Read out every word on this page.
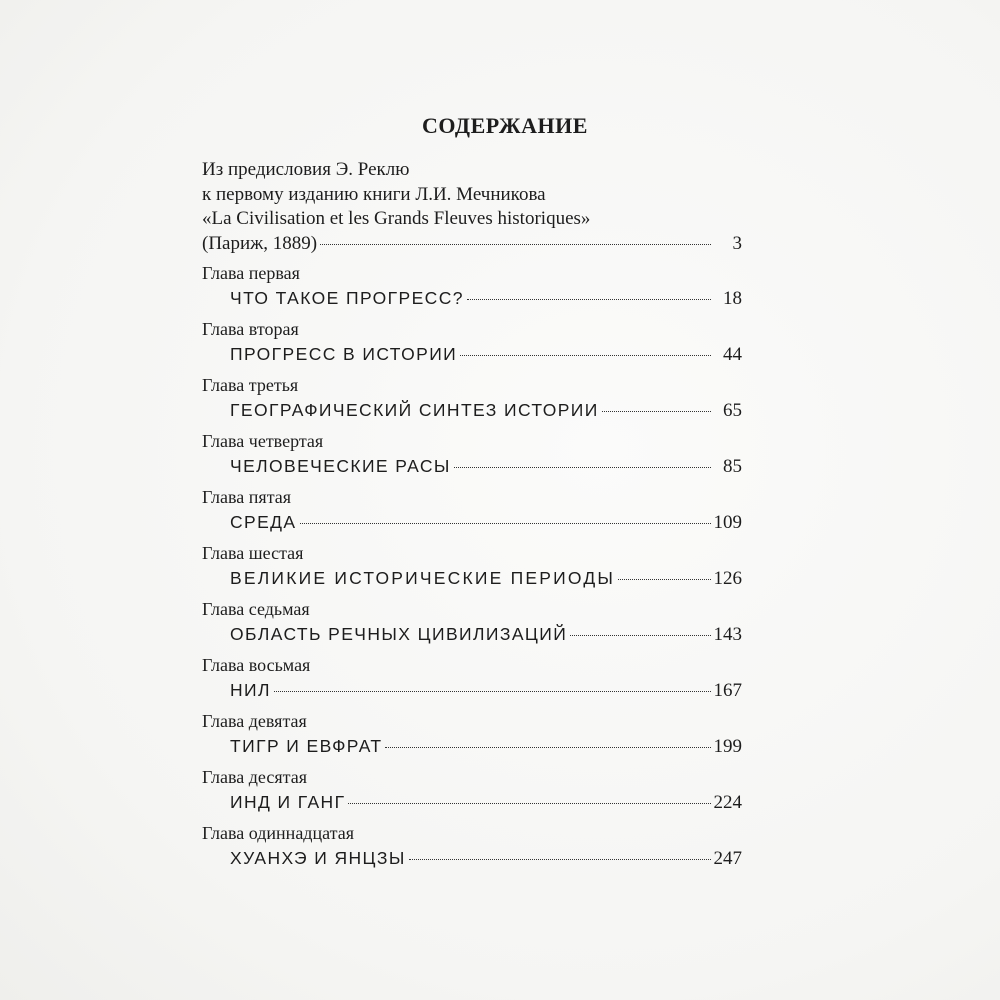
СОДЕРЖАНИЕ
Из предисловия Э. Реклю
к первому изданию книги Л.И. Мечникова
«La Civilisation et les Grands Fleuves historiques»
(Париж, 1889)	3
Глава первая
ЧТО ТАКОЕ ПРОГРЕСС?	18
Глава вторая
ПРОГРЕСС В ИСТОРИИ	44
Глава третья
ГЕОГРАФИЧЕСКИЙ СИНТЕЗ ИСТОРИИ	65
Глава четвертая
ЧЕЛОВЕЧЕСКИЕ РАСЫ	85
Глава пятая
СРЕДА	109
Глава шестая
ВЕЛИКИЕ ИСТОРИЧЕСКИЕ ПЕРИОДЫ	126
Глава седьмая
ОБЛАСТЬ РЕЧНЫХ ЦИВИЛИЗАЦИЙ	143
Глава восьмая
НИЛ	167
Глава девятая
ТИГР И ЕВФРАТ	199
Глава десятая
ИНД И ГАНГ	224
Глава одиннадцатая
ХУАНХЭ И ЯНЦЗЫ	247
